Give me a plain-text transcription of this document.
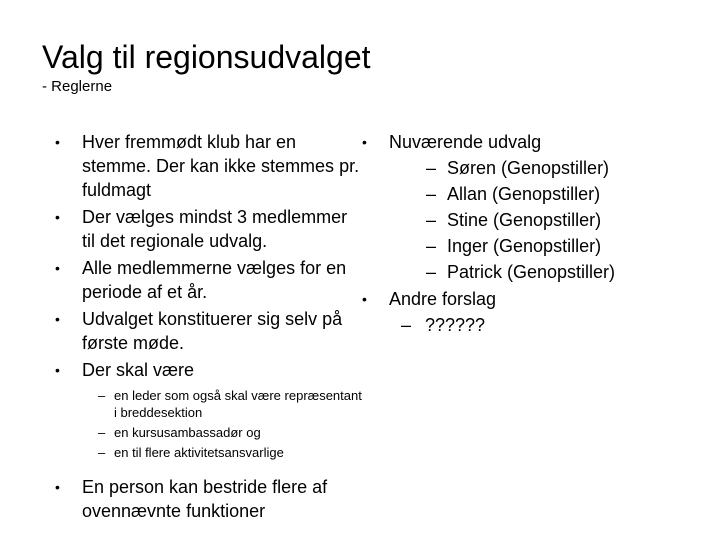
Valg til regionsudvalget
- Reglerne
•	Hver fremmødt klub har en stemme. Der kan ikke stemmes pr. fuldmagt
•	Der vælges mindst 3 medlemmer til det regionale udvalg.
•	Alle medlemmerne vælges for en periode af et år.
•	Udvalget konstituerer sig selv på første møde.
•	Der skal være
– en leder som også skal være repræsentant i breddesektion
– en kursusambassadør og
– en til flere aktivitetsansvarlige
•	En person kan bestride flere af ovennævnte funktioner
•	Nuværende udvalg
– Søren (Genopstiller)
– Allan (Genopstiller)
– Stine (Genopstiller)
– Inger (Genopstiller)
– Patrick (Genopstiller)
•	Andre forslag
– ??????
